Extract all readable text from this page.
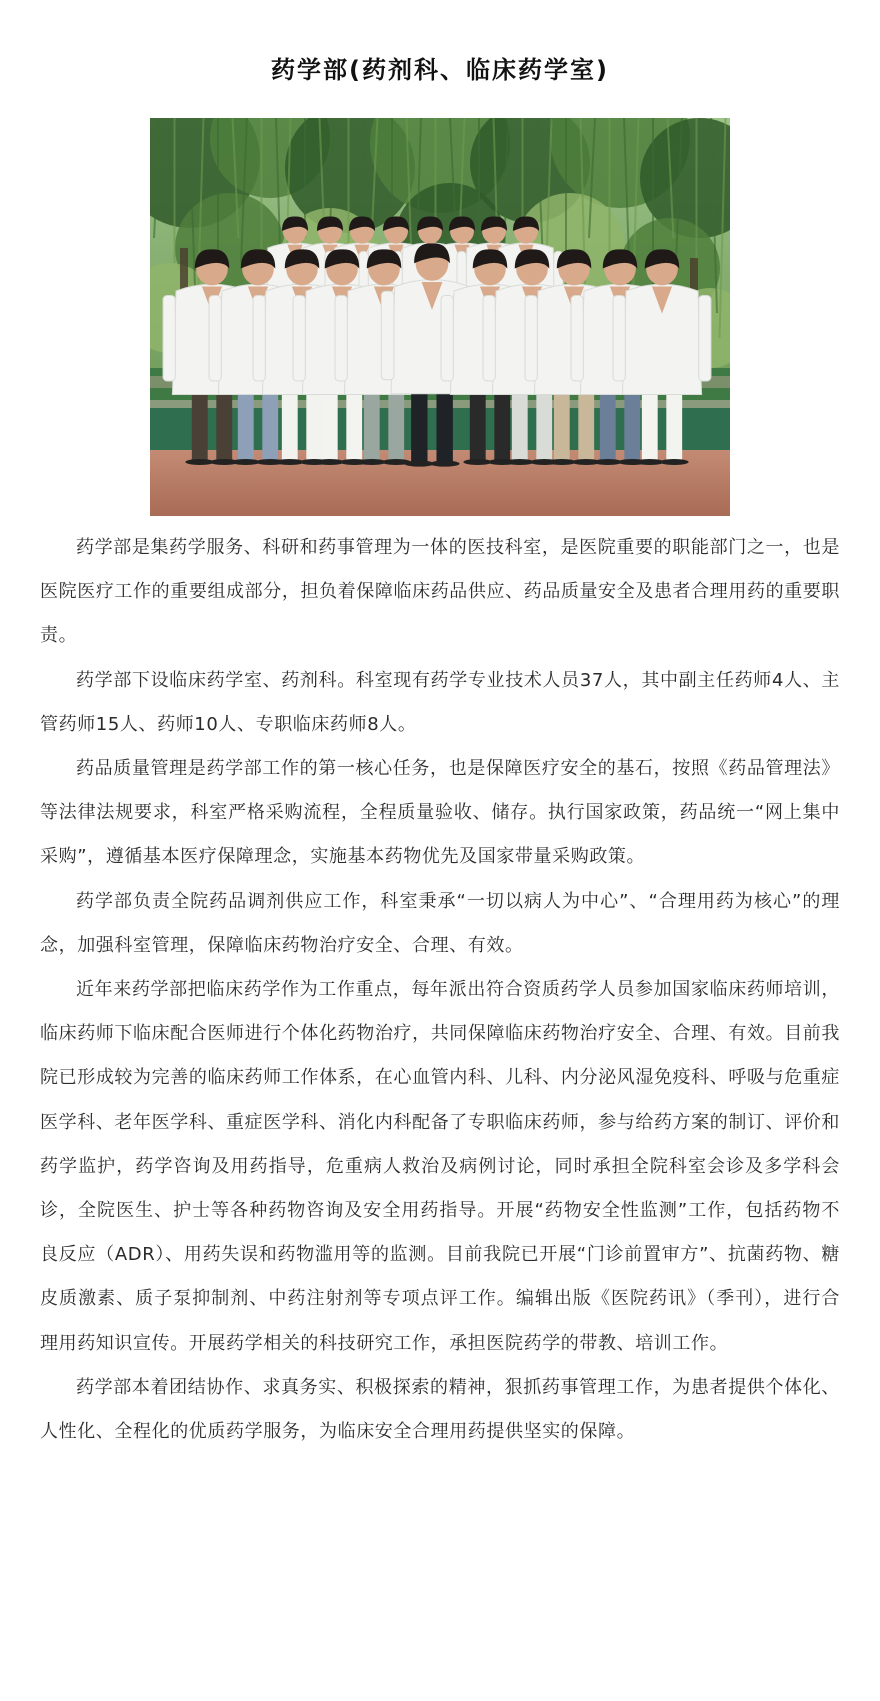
药学部(药剂科、临床药学室)

药学部是集药学服务、科研和药事管理为一体的医技科室，是医院重要的职能部门之一，也是医院医疗工作的重要组成部分，担负着保障临床药品供应、药品质量安全及患者合理用药的重要职责。

药学部下设临床药学室、药剂科。科室现有药学专业技术人员37人，其中副主任药师4人、主管药师15人、药师10人、专职临床药师8人。

药品质量管理是药学部工作的第一核心任务，也是保障医疗安全的基石，按照《药品管理法》等法律法规要求，科室严格采购流程，全程质量验收、储存。执行国家政策，药品统一“网上集中采购”，遵循基本医疗保障理念，实施基本药物优先及国家带量采购政策。

药学部负责全院药品调剂供应工作，科室秉承“一切以病人为中心”、“合理用药为核心”的理念，加强科室管理，保障临床药物治疗安全、合理、有效。

近年来药学部把临床药学作为工作重点，每年派出符合资质药学人员参加国家临床药师培训，临床药师下临床配合医师进行个体化药物治疗，共同保障临床药物治疗安全、合理、有效。目前我院已形成较为完善的临床药师工作体系，在心血管内科、儿科、内分泌风湿免疫科、呼吸与危重症医学科、老年医学科、重症医学科、消化内科配备了专职临床药师，参与给药方案的制订、评价和药学监护，药学咨询及用药指导，危重病人救治及病例讨论，同时承担全院科室会诊及多学科会诊，全院医生、护士等各种药物咨询及安全用药指导。开展“药物安全性监测”工作，包括药物不良反应（ADR）、用药失误和药物滥用等的监测。目前我院已开展“门诊前置审方”、抗菌药物、糖皮质激素、质子泵抑制剂、中药注射剂等专项点评工作。编辑出版《医院药讯》（季刊），进行合理用药知识宣传。开展药学相关的科技研究工作，承担医院药学的带教、培训工作。

药学部本着团结协作、求真务实、积极探索的精神，狠抓药事管理工作，为患者提供个体化、人性化、全程化的优质药学服务，为临床安全合理用药提供坚实的保障。
